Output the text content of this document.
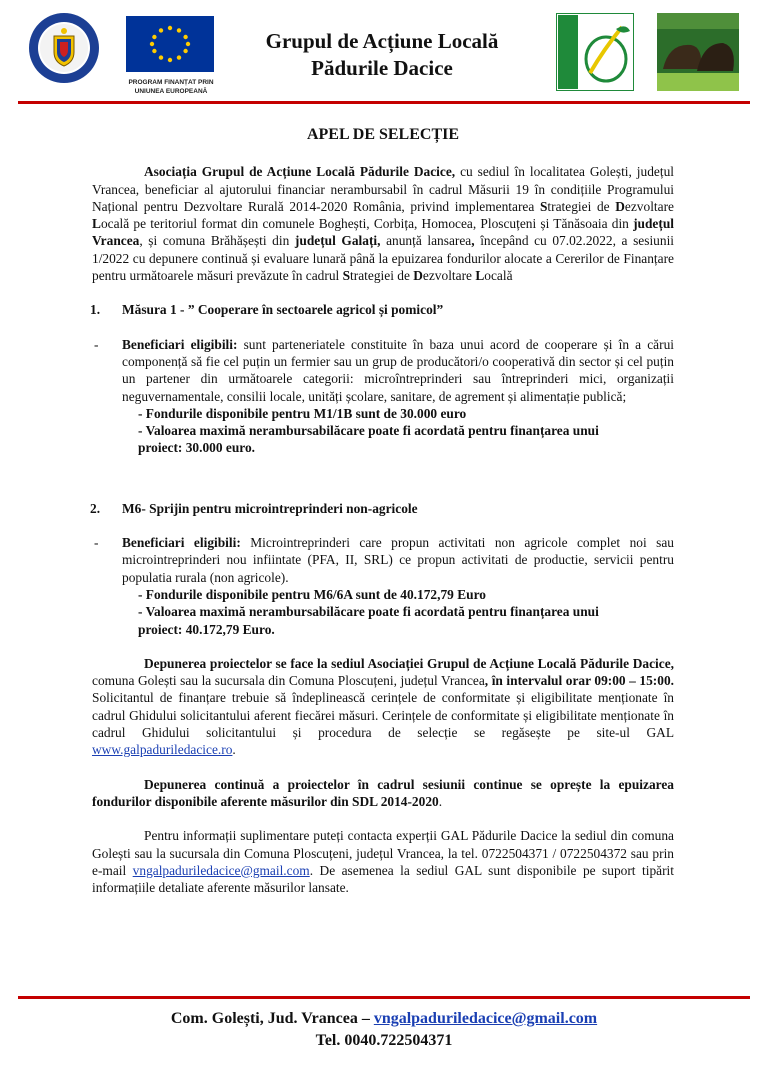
PROGRAM FINANȚAT PRIN
UNIUNEA EUROPEANĂ
Grupul de Acțiune Locală
Pădurile Dacice
APEL DE SELECȚIE

Asociația Grupul de Acțiune Locală Pădurile Dacice, cu sediul în localitatea Golești, județul Vrancea, beneficiar al ajutorului financiar nerambursabil în cadrul Măsurii 19 în condițiile Programului Național pentru Dezvoltare Rurală 2014-2020 România, privind implementarea Strategiei de Dezvoltare Locală pe teritoriul format din comunele Boghești, Corbița, Homocea, Ploscuțeni și Tănăsoaia din județul Vrancea, și comuna Brăhășești din județul Galați, anunță lansarea, începând cu 07.02.2022, a sesiunii 1/2022 cu depunere continuă și evaluare lunară până la epuizarea fondurilor alocate a Cererilor de Finanțare pentru următoarele măsuri prevăzute în cadrul Strategiei de Dezvoltare Locală

1. Măsura 1 - ” Cooperare în sectoarele agricol și pomicol”
- Beneficiari eligibili: sunt parteneriatele constituite în baza unui acord de cooperare și în a cărui componență să fie cel puțin un fermier sau un grup de producători/o cooperativă din sector și cel puțin un partener din următoarele categorii: microîntreprinderi sau întreprinderi mici, organizații neguvernamentale, consilii locale, unități școlare, sanitare, de agrement și alimentație publică;
- Fondurile disponibile pentru M1/1B sunt de 30.000 euro
- Valoarea maximă nerambursabilăcare poate fi acordată pentru finanțarea unui proiect: 30.000 euro.
2. M6- Sprijin pentru microintreprinderi non-agricole
- Beneficiari eligibili: Microintreprinderi care propun activitati non agricole complet noi sau microintreprinderi nou infiintate (PFA, II, SRL) ce propun activitati de productie, servicii pentru populatia rurala (non agricole).
- Fondurile disponibile pentru M6/6A sunt de 40.172,79 Euro
- Valoarea maximă nerambursabilăcare poate fi acordată pentru finanțarea unui proiect: 40.172,79 Euro.

Depunerea proiectelor se face la sediul Asociației Grupul de Acțiune Locală Pădurile Dacice, comuna Golești sau la sucursala din Comuna Ploscuțeni, județul Vrancea, în intervalul orar 09:00 – 15:00. Solicitantul de finanțare trebuie să îndeplinească cerințele de conformitate și eligibilitate menționate în cadrul Ghidului solicitantului aferent fiecărei măsuri. Cerințele de conformitate și eligibilitate menționate în cadrul Ghidului solicitantului și procedura de selecție se regăsește pe site-ul GAL www.galpaduriledacice.ro.

Depunerea continuă a proiectelor în cadrul sesiunii continue se oprește la epuizarea fondurilor disponibile aferente măsurilor din SDL 2014-2020.

Pentru informații suplimentare puteți contacta experții GAL Pădurile Dacice la sediul din comuna Golești sau la sucursala din Comuna Ploscuțeni, județul Vrancea, la tel. 0722504371 / 0722504372 sau prin e-mail vngalpaduriledacice@gmail.com. De asemenea la sediul GAL sunt disponibile pe suport tipărit informațiile detaliate aferente măsurilor lansate.

Com. Golești, Jud. Vrancea – vngalpaduriledacice@gmail.com
Tel. 0040.722504371
